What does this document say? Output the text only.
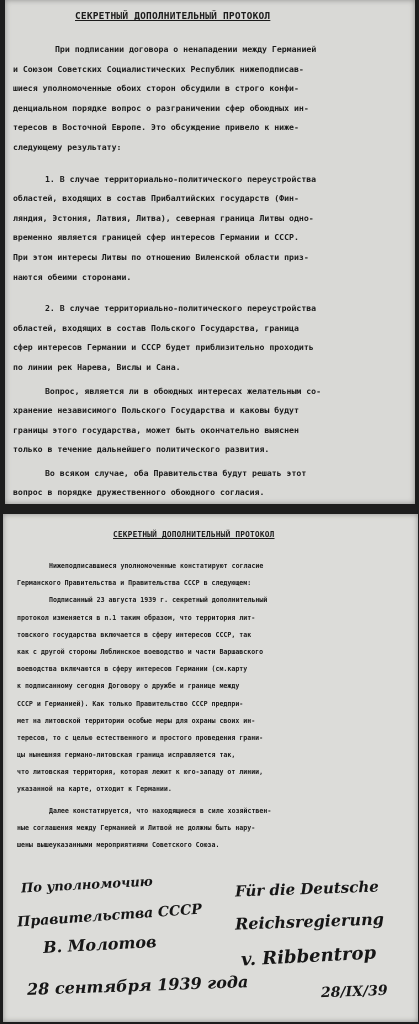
СЕКРЕТНЫЙ ДОПОЛНИТЕЛЬНЫЙ ПРОТОКОЛ
При подписании договора о ненападении между Германией
и Союзом Советских Социалистических Республик нижеподписав-
шиеся уполномоченные обоих сторон обсудили в строго конфи-
денциальном порядке вопрос о разграничении сфер обоюдных ин-
тересов в Восточной Европе. Это обсуждение привело к ниже-
следующему результату:
1. В случае территориально-политического переустройства
областей, входящих в состав Прибалтийских государств (Фин-
ляндия, Эстония, Латвия, Литва), северная граница Литвы одно-
временно является границей сфер интересов Германии и СССР.
При этом интересы Литвы по отношению Виленской области приз-
наются обеими сторонами.
2. В случае территориально-политического переустройства
областей, входящих в состав Польского Государства, граница
сфер интересов Германии и СССР будет приблизительно проходить
по линии рек Нарева, Вислы и Сана.
Вопрос, является ли в обоюдных интересах желательным со-
хранение независимого Польского Государства и каковы будут
границы этого государства, может быть окончательно выяснен
только в течение дальнейшего политического развития.
Во всяком случае, оба Правительства будут решать этот
вопрос в порядке дружественного обоюдного согласия.
СЕКРЕТНЫЙ ДОПОЛНИТЕЛЬНЫЙ ПРОТОКОЛ
Нижеподписавшиеся уполномоченные констатируют согласие
Германского Правительства и Правительства СССР в следующем:
Подписанный 23 августа 1939 г. секретный дополнительный
протокол изменяется в п.1 таким образом, что территория лит-
товского государства включается в сферу интересов СССР, так
как с другой стороны Люблинское воеводство и части Варшавского
воеводства включаются в сферу интересов Германии (см.карту
к подписанному сегодня Договору о дружбе и границе между
СССР и Германией). Как только Правительство СССР предпри-
мет на литовской территории особые меры для охраны своих ин-
тересов, то с целью естественного и простого проведения грани-
цы нынешняя германо-литовская граница исправляется так,
что литовская территория, которая лежит к юго-западу от линии,
указанной на карте, отходит к Германии.
Далее констатируется, что находящиеся в силе хозяйствен-
ные соглашения между Германией и Литвой не должны быть нару-
шены вышеуказанными мероприятиями Советского Союза.
По уполномочию
Правительства СССР
В. Молотов
28 сентября 1939 года
Für die Deutsche
Reichsregierung
v. Ribbentrop
28/IX/39
